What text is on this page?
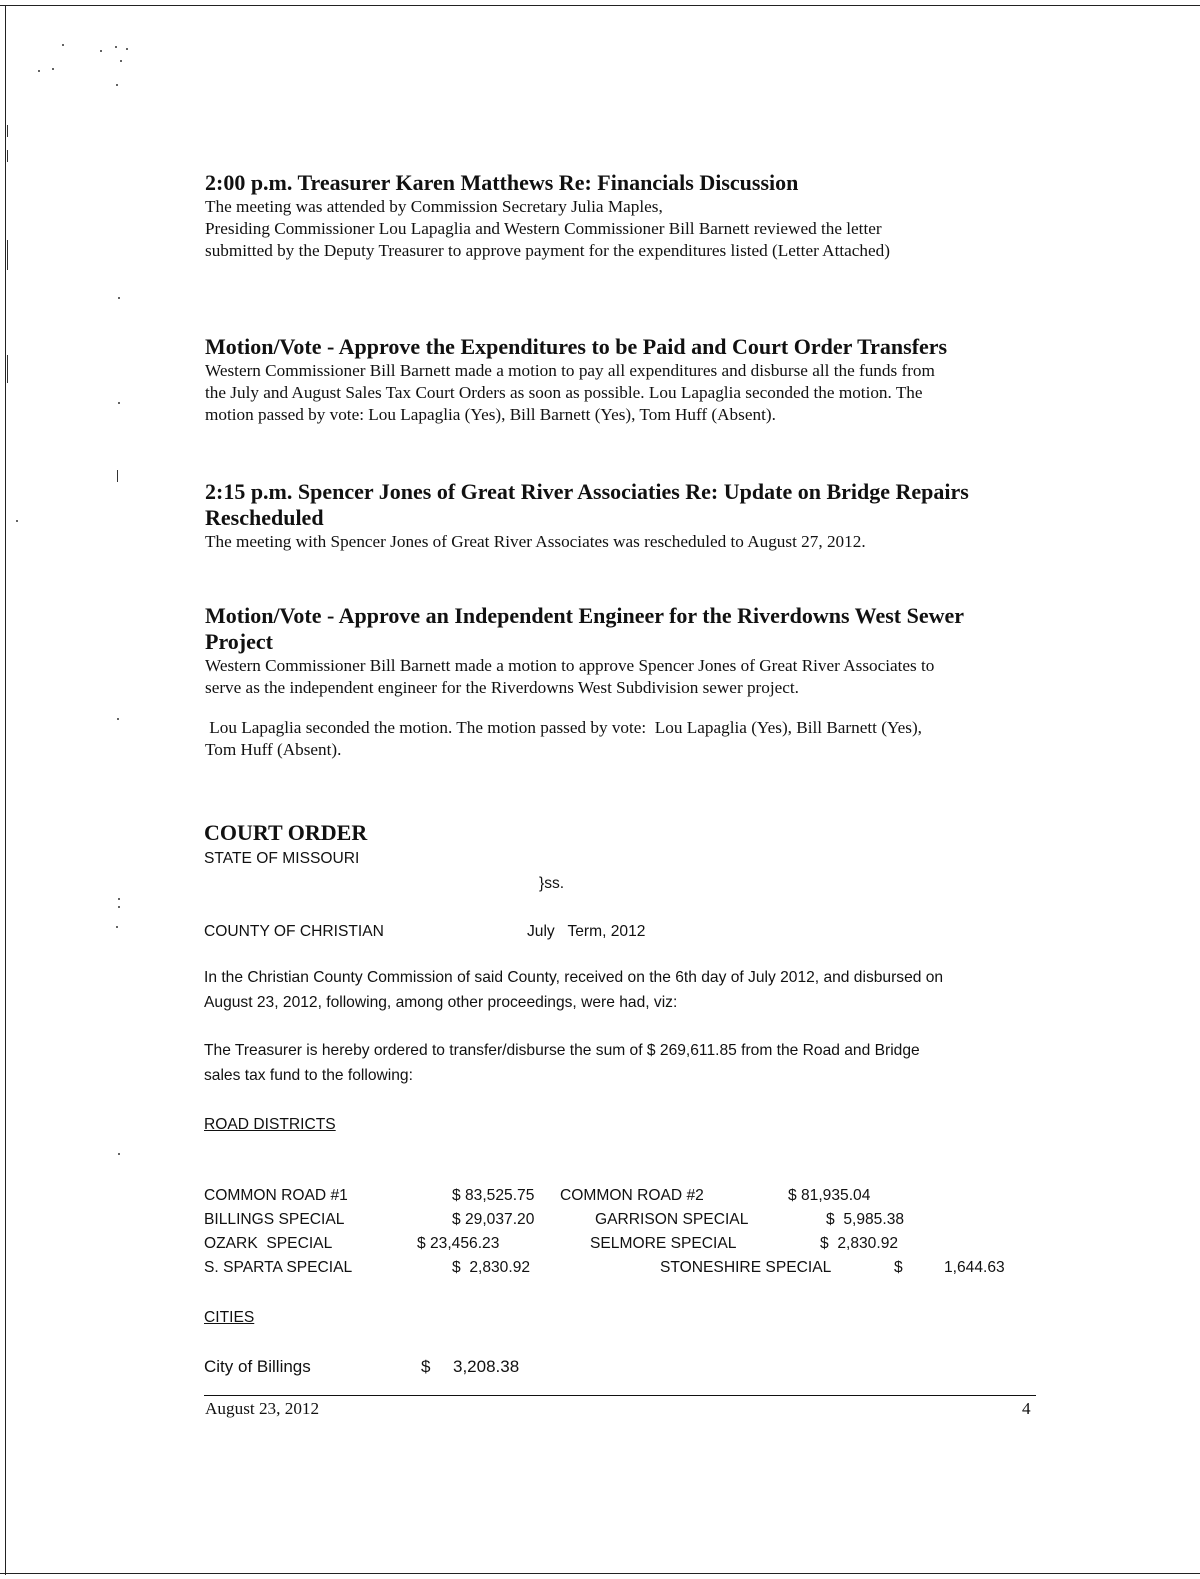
2:00 p.m. Treasurer Karen Matthews Re: Financials Discussion
The meeting was attended by Commission Secretary Julia Maples,
Presiding Commissioner Lou Lapaglia and Western Commissioner Bill Barnett reviewed the letter
submitted by the Deputy Treasurer to approve payment for the expenditures listed (Letter Attached)
Motion/Vote - Approve the Expenditures to be Paid and Court Order Transfers
Western Commissioner Bill Barnett made a motion to pay all expenditures and disburse all the funds from
the July and August Sales Tax Court Orders as soon as possible. Lou Lapaglia seconded the motion. The
motion passed by vote: Lou Lapaglia (Yes), Bill Barnett (Yes), Tom Huff (Absent).
2:15 p.m. Spencer Jones of Great River Associaties Re: Update on Bridge Repairs
Rescheduled
The meeting with Spencer Jones of Great River Associates was rescheduled to August 27, 2012.
Motion/Vote - Approve an Independent Engineer for the Riverdowns West Sewer
Project
Western Commissioner Bill Barnett made a motion to approve Spencer Jones of Great River Associates to
serve as the independent engineer for the Riverdowns West Subdivision sewer project.
Lou Lapaglia seconded the motion. The motion passed by vote:  Lou Lapaglia (Yes), Bill Barnett (Yes),
Tom Huff (Absent).
COURT ORDER
STATE OF MISSOURI
}ss.
COUNTY OF CHRISTIAN	July   Term, 2012
In the Christian County Commission of said County, received on the 6th day of July 2012, and disbursed on
August 23, 2012, following, among other proceedings, were had, viz:
The Treasurer is hereby ordered to transfer/disburse the sum of $ 269,611.85 from the Road and Bridge
sales tax fund to the following:
ROAD DISTRICTS
COMMON ROAD #1	$ 83,525.75 COMMON ROAD #2	$ 81,935.04
BILLINGS SPECIAL	$ 29,037.20	GARRISON SPECIAL	$  5,985.38
OZARK  SPECIAL	$ 23,456.23	SELMORE SPECIAL	$  2,830.92
S. SPARTA SPECIAL	$  2,830.92	STONESHIRE SPECIAL	$	1,644.63
CITIES
City of Billings	$ 3,208.38
August 23, 2012	4
